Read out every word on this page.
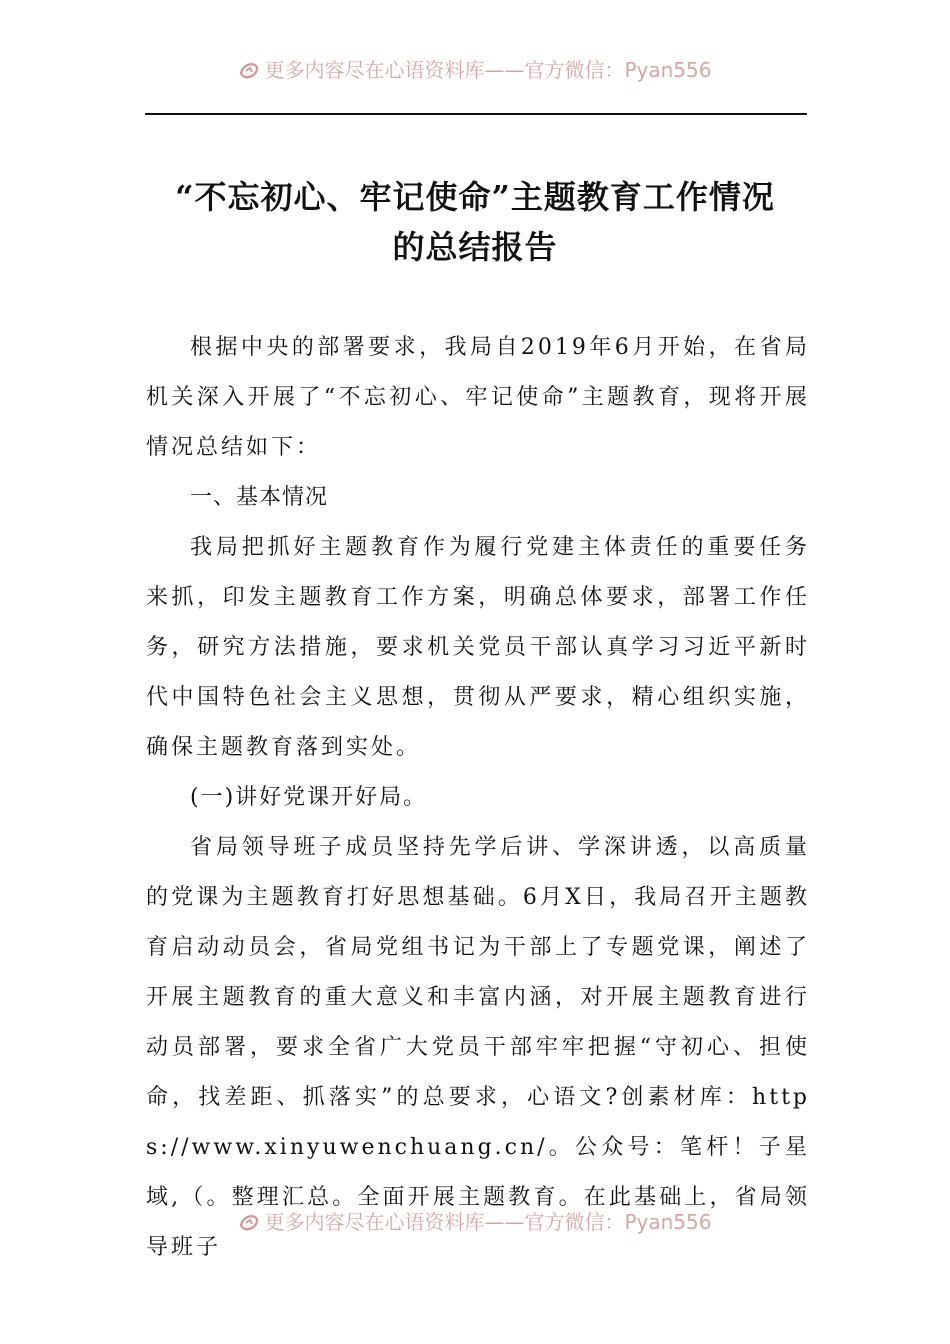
更多内容尽在心语资料库——官方微信：Pyan556
“不忘初心、牢记使命”主题教育工作情况
的总结报告

根据中央的部署要求，我局自2019年6月开始，在省局机关深入开展了“不忘初心、牢记使命”主题教育，现将开展情况总结如下：

一、基本情况

我局把抓好主题教育作为履行党建主体责任的重要任务来抓，印发主题教育工作方案，明确总体要求，部署工作任务，研究方法措施，要求机关党员干部认真学习习近平新时代中国特色社会主义思想，贯彻从严要求，精心组织实施，确保主题教育落到实处。

(一)讲好党课开好局。

省局领导班子成员坚持先学后讲、学深讲透，以高质量的党课为主题教育打好思想基础。6月X日，我局召开主题教育启动动员会，省局党组书记为干部上了专题党课，阐述了开展主题教育的重大意义和丰富内涵，对开展主题教育进行动员部署，要求全省广大党员干部牢牢把握“守初心、担使命，找差距、抓落实”的总要求，心语文?创素材库：https://www.xinyuwenchuang.cn/。公众号：笔杆！子星域,（。整理汇总。全面开展主题教育。在此基础上，省局领导班子

更多内容尽在心语资料库——官方微信：Pyan556
